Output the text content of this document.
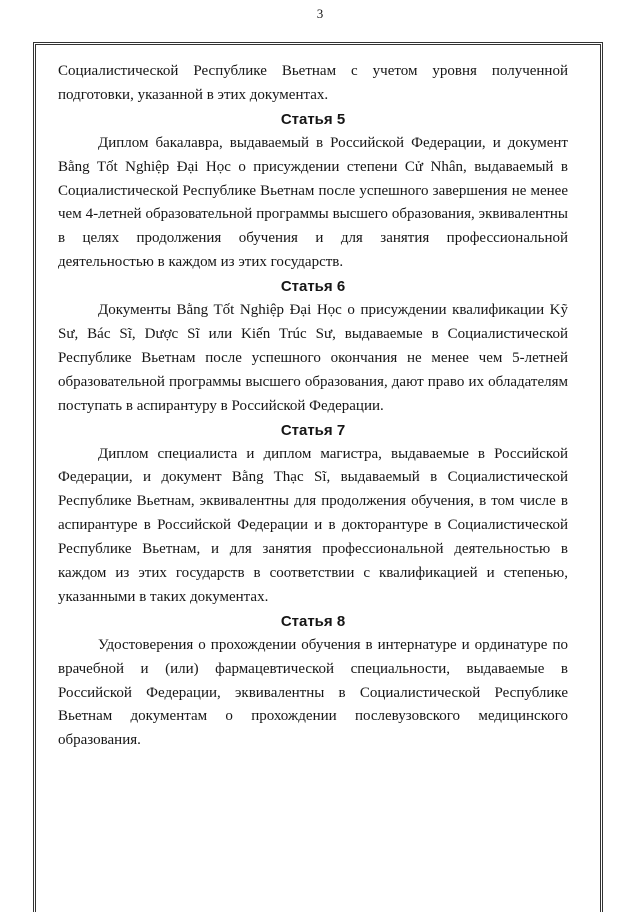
3

Социалистической Республике Вьетнам с учетом уровня полученной подготовки, указанной в этих документах.

Статья 5

Диплом бакалавра, выдаваемый в Российской Федерации, и документ Bằng Tốt Nghiệp Đại Học о присуждении степени Cử Nhân, выдаваемый в Социалистической Республике Вьетнам после успешного завершения не менее чем 4-летней образовательной программы высшего образования, эквивалентны в целях продолжения обучения и для занятия профессиональной деятельностью в каждом из этих государств.

Статья 6

Документы Bằng Tốt Nghiệp Đại Học о присуждении квалификации Kỹ Sư, Bác Sĩ, Dược Sĩ или Kiến Trúc Sư, выдаваемые в Социалистической Республике Вьетнам после успешного окончания не менее чем 5-летней образовательной программы высшего образования, дают право их обладателям поступать в аспирантуру в Российской Федерации.

Статья 7

Диплом специалиста и диплом магистра, выдаваемые в Российской Федерации, и документ Bằng Thạc Sĩ, выдаваемый в Социалистической Республике Вьетнам, эквивалентны для продолжения обучения, в том числе в аспирантуре в Российской Федерации и в докторантуре в Социалистической Республике Вьетнам, и для занятия профессиональной деятельностью в каждом из этих государств в соответствии с квалификацией и степенью, указанными в таких документах.

Статья 8

Удостоверения о прохождении обучения в интернатуре и ординатуре по врачебной и (или) фармацевтической специальности, выдаваемые в Российской Федерации, эквивалентны в Социалистической Республике Вьетнам документам о прохождении послевузовского медицинского образования.
